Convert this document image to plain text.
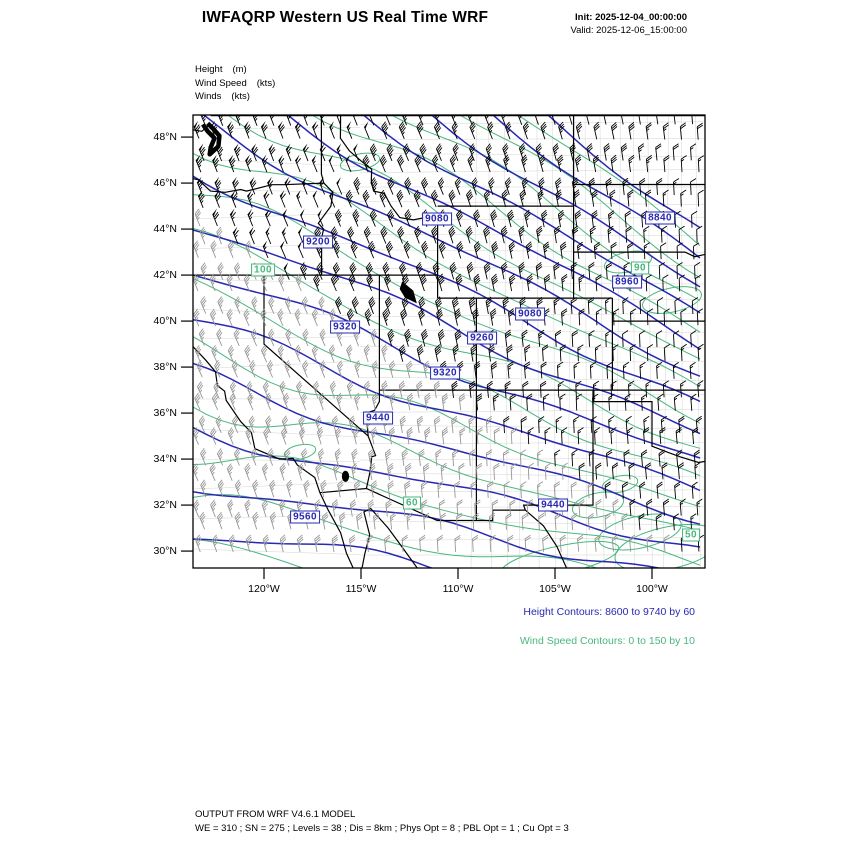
IWFAQRP Western US Real Time WRF	Init: 2025-12-04_00:00:00
Valid: 2025-12-06_15:00:00
Height (m)
Wind Speed (kts)
Winds (kts)
Height Contours: 8600 to 9740 by 60
Wind Speed Contours: 0 to 150 by 10
OUTPUT FROM WRF V4.6.1 MODEL
WE = 310 ; SN = 275 ; Levels = 38 ; Dis = 8km ; Phys Opt = 8 ; PBL Opt = 1 ; Cu Opt = 3
48°N
46°N
44°N
42°N
40°N
38°N
36°N
34°N
32°N
30°N
120°W	115°W	110°W	105°W	100°W
9200
9080	8840
8960
9080
9260
9320
9320
9440
9440
9560
100	90
60
50
